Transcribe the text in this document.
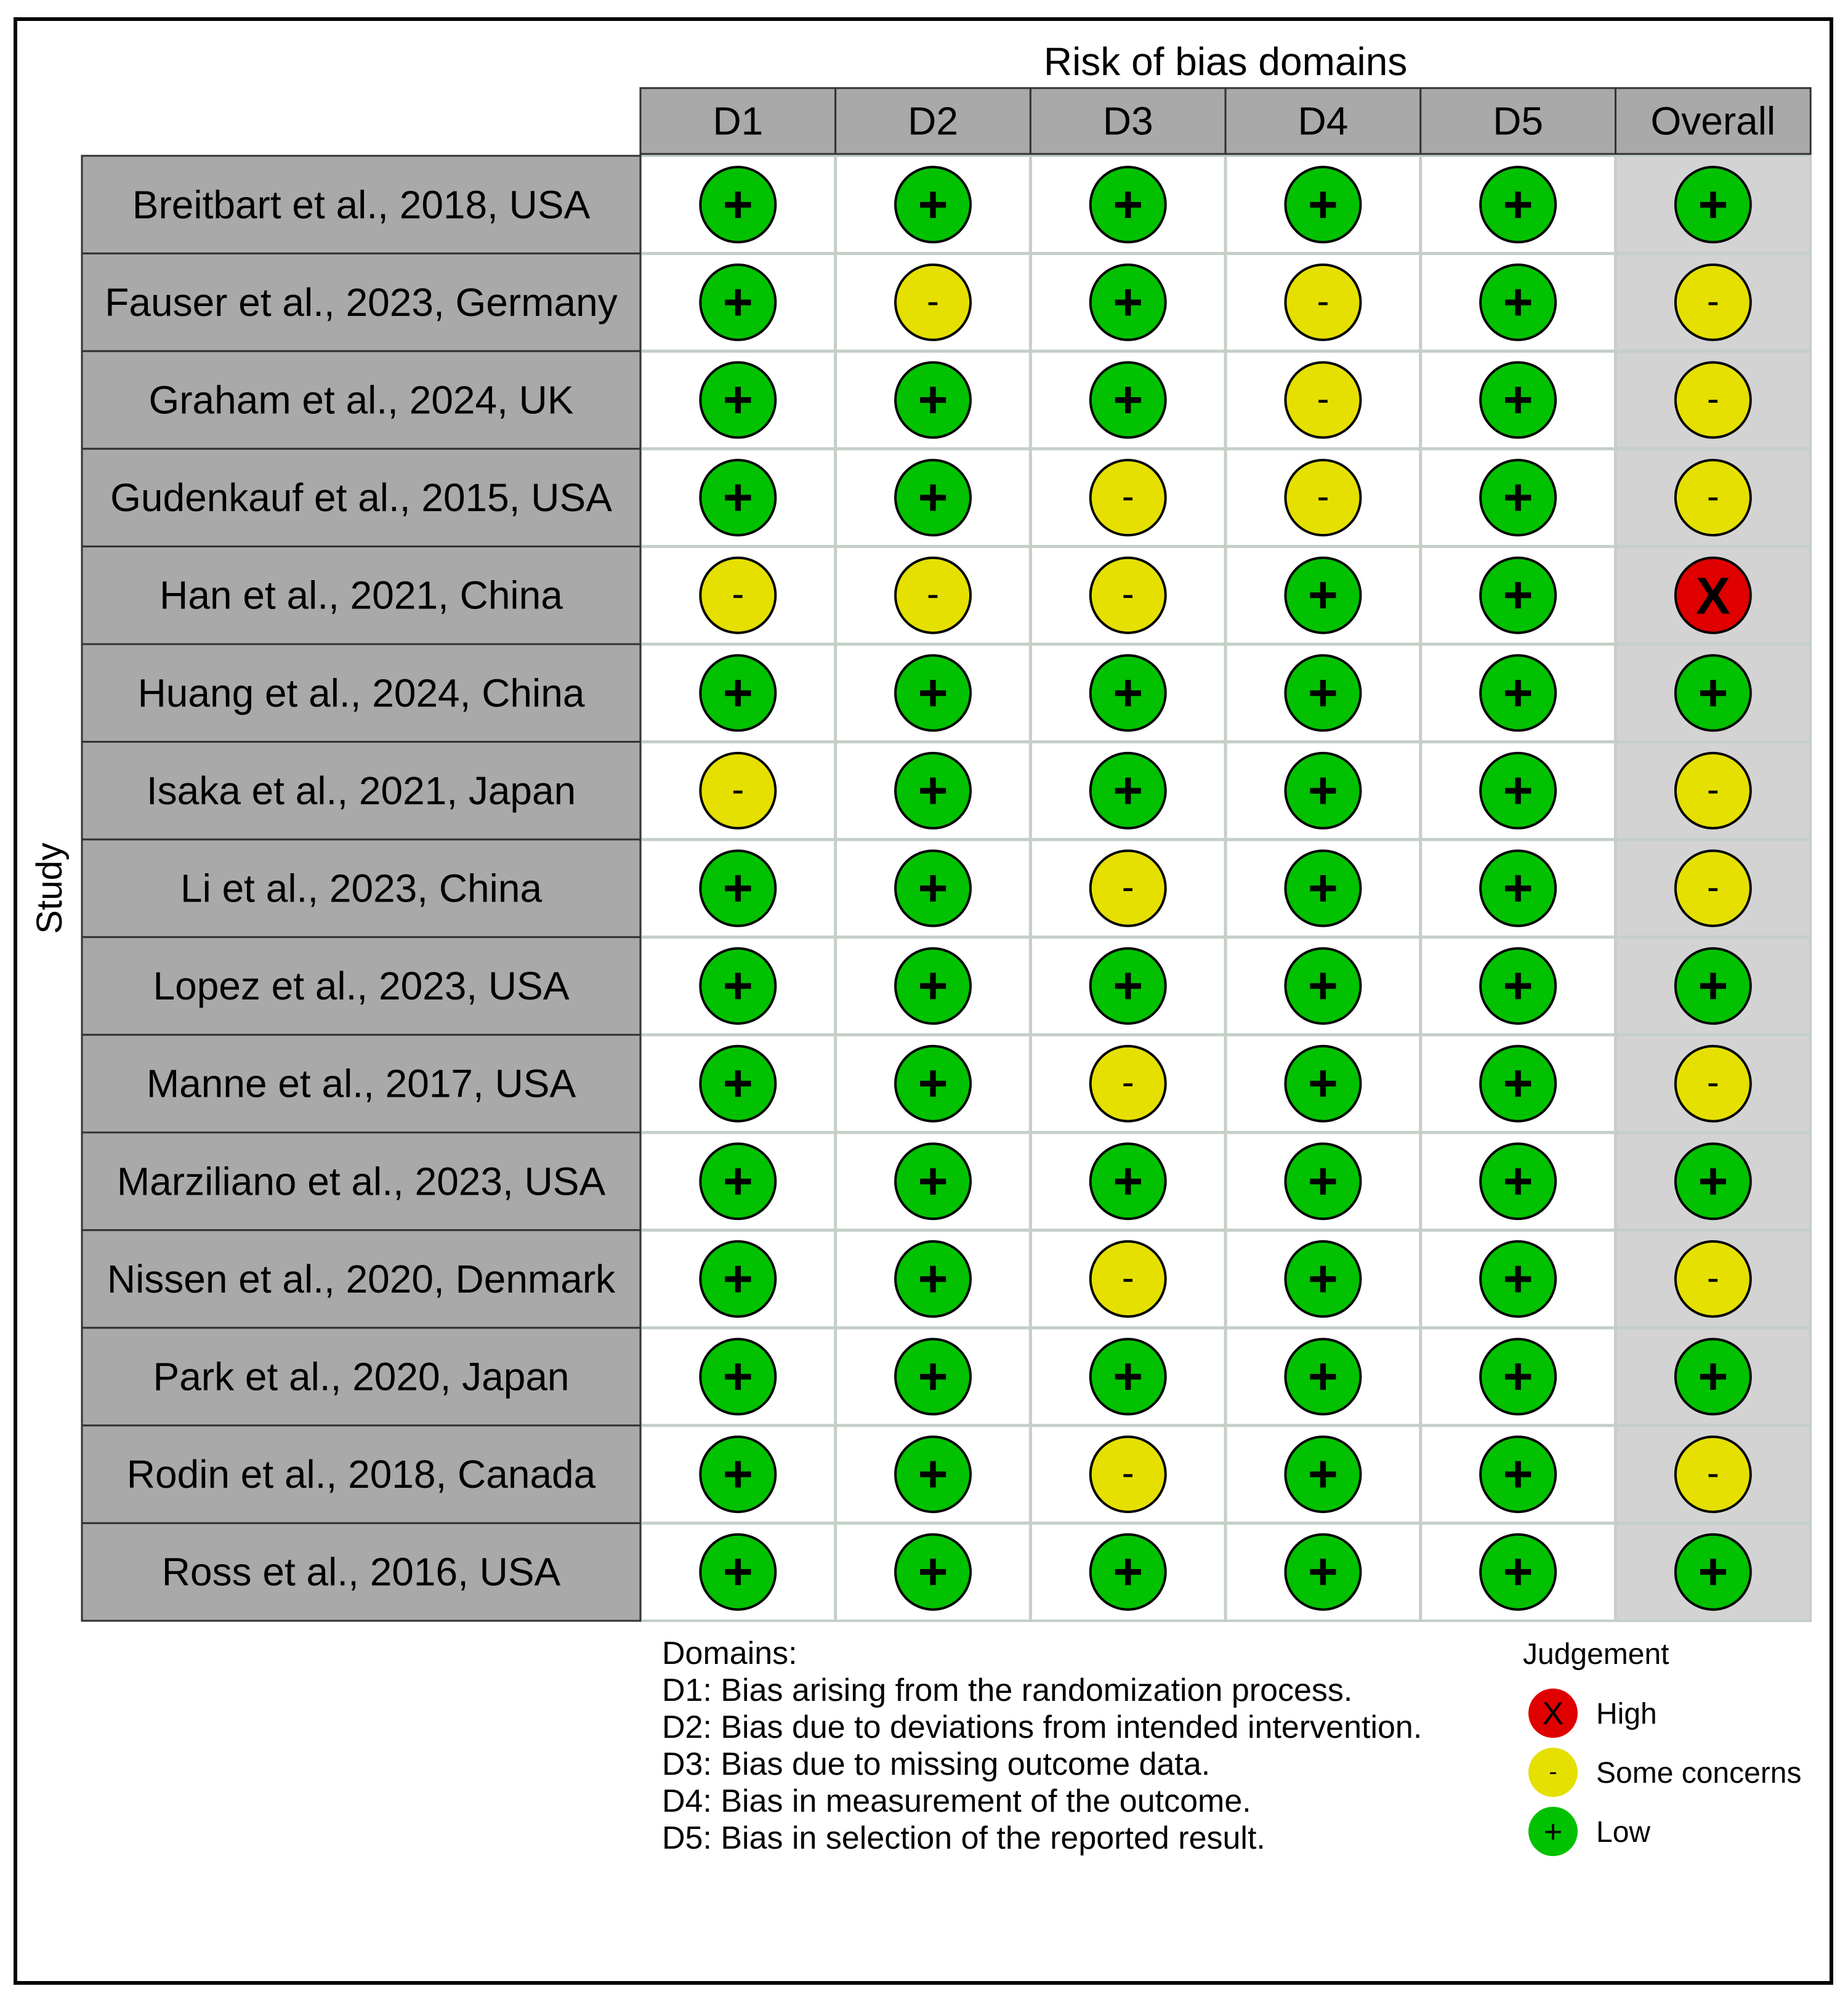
Risk of bias domains
D1	D2	D3	D4	D5	Overall
Study
Breitbart et al., 2018, USA	+	+	+	+	+	+
Fauser et al., 2023, Germany +	-	+	-	+	-
Graham et al., 2024, UK	+	+	+	-	+	-
Gudenkauf et al., 2015, USA +	+	-	-	+	-
Han et al., 2021, China	-	-	-	+	+	X
Huang et al., 2024, China	+	+	+	+	+	+
Isaka et al., 2021, Japan	-	+	+	+	+	-
Li et al., 2023, China	+	+	-	+	+	-
Lopez et al., 2023, USA	+	+	+	+	+	+
Manne et al., 2017, USA	+	+	-	+	+	-
Marziliano et al., 2023, USA +	+	+	+	+	+
Nissen et al., 2020, Denmark +	+	-	+	+	-
Park et al., 2020, Japan	+	+	+	+	+	+
Rodin et al., 2018, Canada +	+	-	+	+	-
Ross et al., 2016, USA	+	+	+	+	+	+
Judgement
X High
- Some concerns
+ Low
Domains:
D1: Bias arising from the randomization process.
D2: Bias due to deviations from intended intervention.
D3: Bias due to missing outcome data.
D4: Bias in measurement of the outcome.
D5: Bias in selection of the reported result.
